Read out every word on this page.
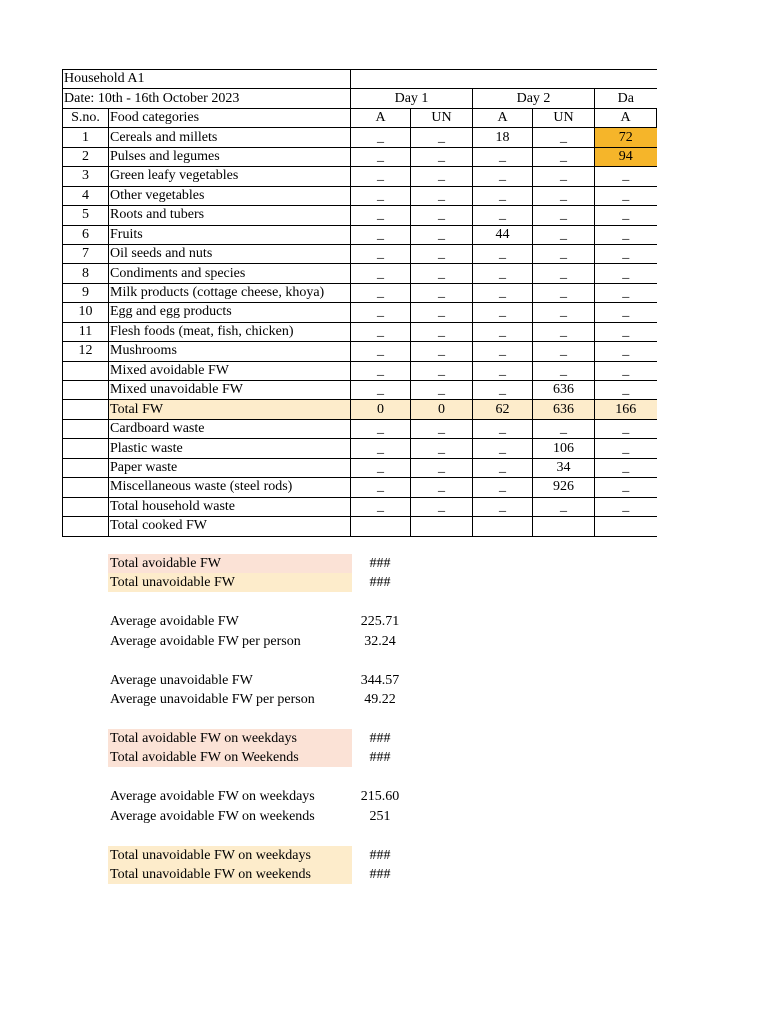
Household A1						
Date: 10th - 16th October 2023		Day 1		Day 2		Da
S.no.	Food categories	A	UN	A	UN	A
1	Cereals and millets	_	_	18	_	72
2	Pulses and legumes	_	_	_	_	94
3	Green leafy vegetables	_	_	_	_	_
4	Other vegetables	_	_	_	_	_
5	Roots and tubers	_	_	_	_	_
6	Fruits	_	_	44	_	_
7	Oil seeds and nuts	_	_	_	_	_
8	Condiments and species	_	_	_	_	_
9	Milk products (cottage cheese, khoya)	_	_	_	_	_
10	Egg and egg products	_	_	_	_	_
11	Flesh foods (meat, fish, chicken)	_	_	_	_	_
12	Mushrooms	_	_	_	_	_
	Mixed avoidable FW	_	_	_	_	_
	Mixed unavoidable FW	_	_	_	636	_
	Total FW	0	0	62	636	166
	Cardboard waste	_	_	_	_	_
	Plastic waste	_	_	_	106	_
	Paper waste	_	_	_	34	_
	Miscellaneous waste (steel rods)	_	_	_	926	_
	Total household waste	_	_	_	_	_
	Total cooked FW					
Total avoidable FW	###
Total unavoidable FW	###
Average avoidable FW	225.71
Average avoidable FW per person	32.24
Average unavoidable FW	344.57
Average unavoidable FW per person	49.22
Total avoidable FW on weekdays	###
Total avoidable FW on Weekends	###
Average avoidable FW on weekdays	215.60
Average avoidable FW on weekends	251
Total unavoidable FW on weekdays	###
Total unavoidable FW on weekends	###
